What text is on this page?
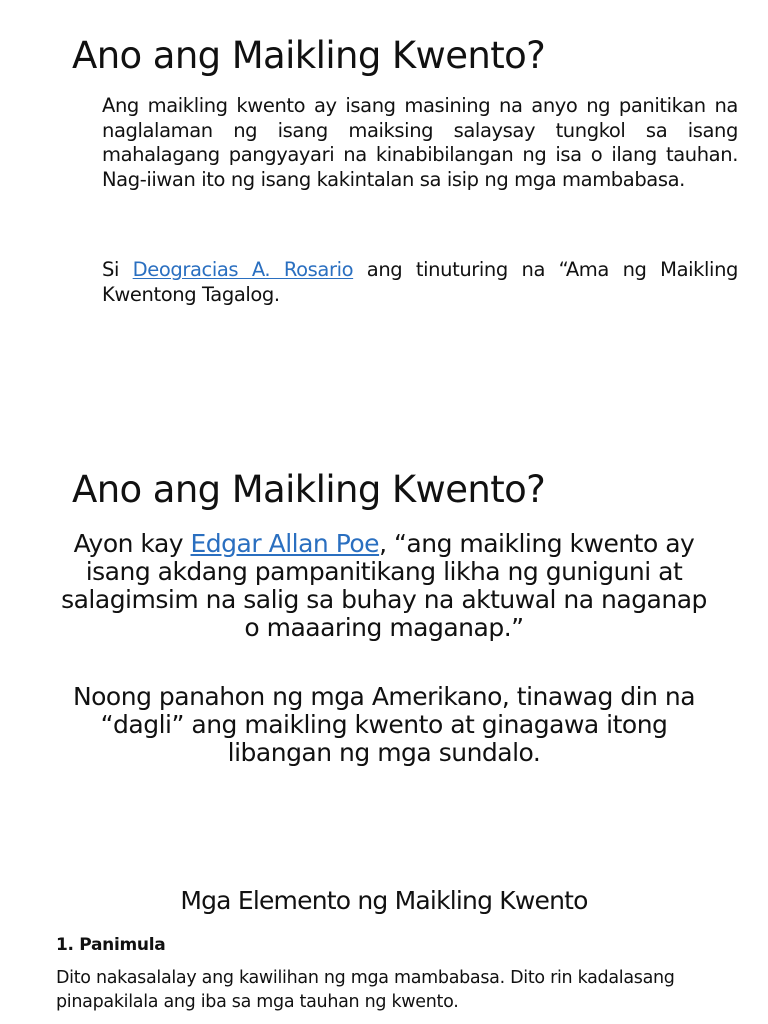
Ano ang Maikling Kwento?

Ang maikling kwento ay isang masining na anyo ng panitikan na naglalaman ng isang maiksing salaysay tungkol sa isang mahalagang pangyayari na kinabibilangan ng isa o ilang tauhan. Nag-iiwan ito ng isang kakintalan sa isip ng mga mambabasa.

Si Deogracias A. Rosario ang tinuturing na “Ama ng Maikling Kwentong Tagalog.

Ano ang Maikling Kwento?

Ayon kay Edgar Allan Poe, “ang maikling kwento ay isang akdang pampanitikang likha ng guniguni at salagimsim na salig sa buhay na aktuwal na naganap o maaaring maganap.”

Noong panahon ng mga Amerikano, tinawag din na “dagli” ang maikling kwento at ginagawa itong libangan ng mga sundalo.

Mga Elemento ng Maikling Kwento
1. Panimula

Dito nakasalalay ang kawilihan ng mga mambabasa. Dito rin kadalasang pinapakilala ang iba sa mga tauhan ng kwento.
